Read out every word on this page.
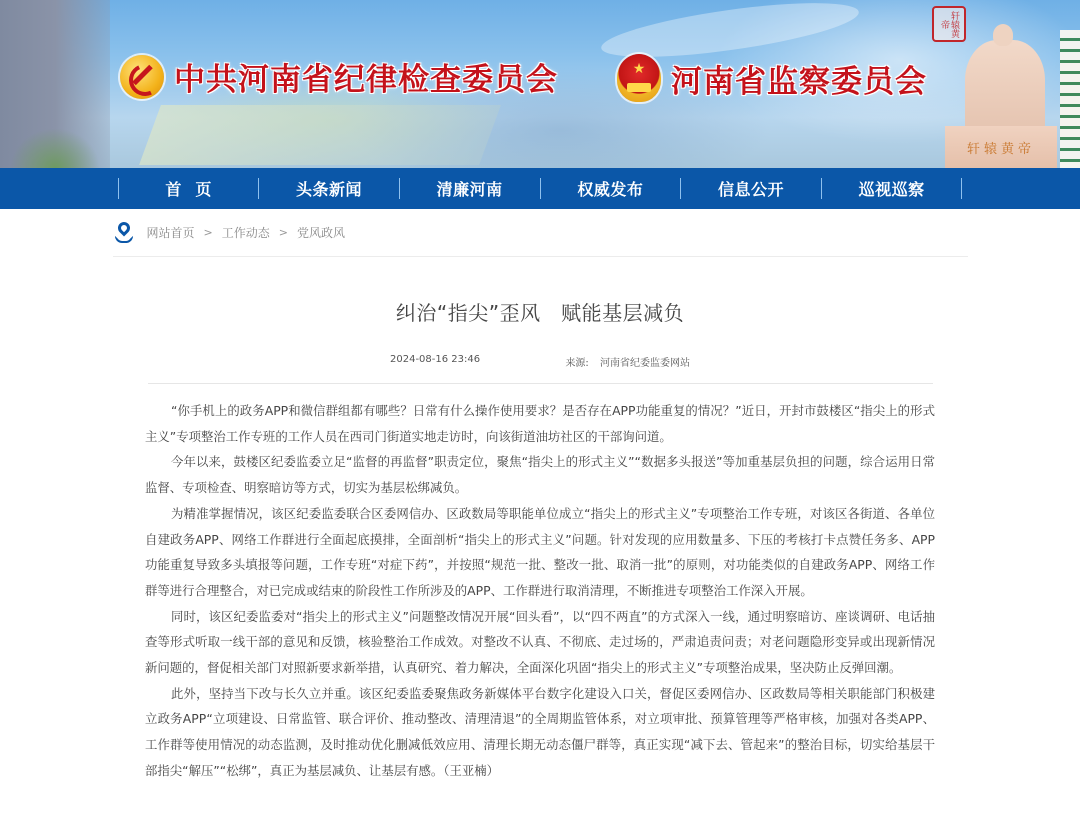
中共河南省纪律检查委员会 ★	河南省监察委员会
轩辕黄帝
轩辕黄帝
首页	头条新闻	清廉河南	权威发布	信息公开	巡视巡察
网站首页 > 工作动态 > 党风政风
纠治“指尖”歪风　赋能基层减负
2024-08-16 23:46	来源: 河南省纪委监委网站

“你手机上的政务APP和微信群组都有哪些？日常有什么操作使用要求？是否存在APP功能重复的情况？”近日，开封市鼓楼区“指尖上的形式主义”专项整治工作专班的工作人员在西司门街道实地走访时，向该街道油坊社区的干部询问道。

今年以来，鼓楼区纪委监委立足“监督的再监督”职责定位，聚焦“指尖上的形式主义”“数据多头报送”等加重基层负担的问题，综合运用日常监督、专项检查、明察暗访等方式，切实为基层松绑减负。

为精准掌握情况，该区纪委监委联合区委网信办、区政数局等职能单位成立“指尖上的形式主义”专项整治工作专班，对该区各街道、各单位自建政务APP、网络工作群进行全面起底摸排，全面剖析“指尖上的形式主义”问题。针对发现的应用数量多、下压的考核打卡点赞任务多、APP功能重复导致多头填报等问题，工作专班“对症下药”，并按照“规范一批、整改一批、取消一批”的原则，对功能类似的自建政务APP、网络工作群等进行合理整合，对已完成或结束的阶段性工作所涉及的APP、工作群进行取消清理，不断推进专项整治工作深入开展。

同时，该区纪委监委对“指尖上的形式主义”问题整改情况开展“回头看”，以“四不两直”的方式深入一线，通过明察暗访、座谈调研、电话抽查等形式听取一线干部的意见和反馈，核验整治工作成效。对整改不认真、不彻底、走过场的，严肃追责问责；对老问题隐形变异或出现新情况新问题的，督促相关部门对照新要求新举措，认真研究、着力解决，全面深化巩固“指尖上的形式主义”专项整治成果，坚决防止反弹回潮。

此外，坚持当下改与长久立并重。该区纪委监委聚焦政务新媒体平台数字化建设入口关，督促区委网信办、区政数局等相关职能部门积极建立政务APP“立项建设、日常监管、联合评价、推动整改、清理清退”的全周期监管体系，对立项审批、预算管理等严格审核，加强对各类APP、工作群等使用情况的动态监测，及时推动优化删减低效应用、清理长期无动态僵尸群等，真正实现“减下去、管起来”的整治目标，切实给基层干部指尖“解压”“松绑”，真正为基层减负、让基层有感。（王亚楠）
